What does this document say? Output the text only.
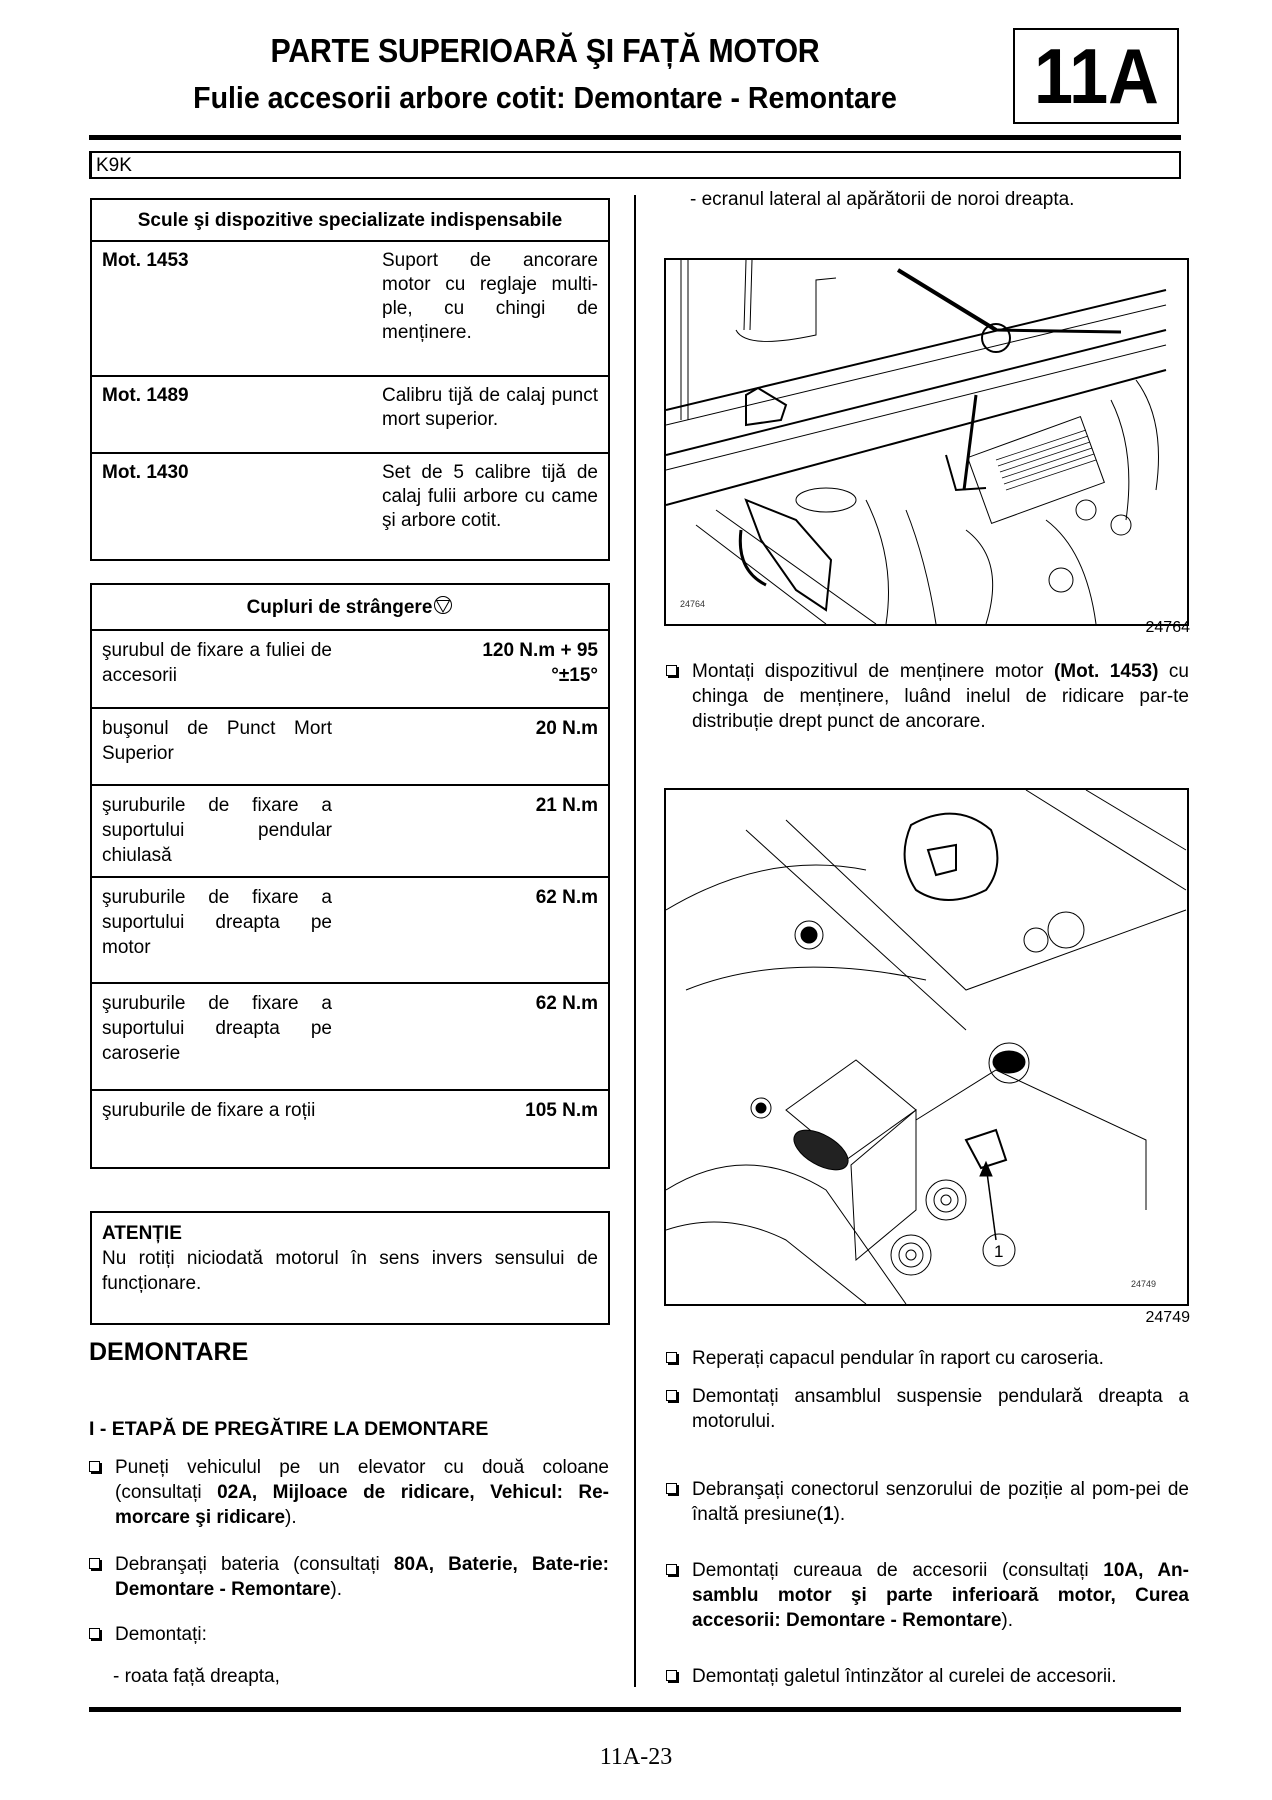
PARTE SUPERIOARĂ ŞI FAȚĂ MOTOR
Fulie accesorii arbore cotit: Demontare - Remontare	11A
K9K
Scule şi dispozitive specializate indispensabile	
Mot. 1453	Suport de ancorare motor cu reglaje multi-ple, cu chingi de menținere.
Mot. 1489	Calibru tijă de calaj punct mort superior.
Mot. 1430	Set de 5 calibre tijă de calaj fulii arbore cu came şi arbore cotit.
Cupluri de strângere	
şurubul de fixare a fuliei de accesorii	120 N.m + 95
°±15°
buşonul de Punct Mort Superior	20 N.m
şuruburile de fixare a suportului pendular chiulasă	21 N.m
şuruburile de fixare a suportului dreapta pe motor	62 N.m
şuruburile de fixare a suportului dreapta pe caroserie	62 N.m
şuruburile de fixare a roții	105 N.m
ATENȚIE
Nu rotiți niciodată motorul în sens invers sensului de funcționare.
DEMONTARE
I - ETAPĂ DE PREGĂTIRE LA DEMONTARE
Puneți vehiculul pe un elevator cu două coloane (consultați 02A, Mijloace de ridicare, Vehicul: Re-morcare şi ridicare).
Debranşați bateria (consultați 80A, Baterie, Bate-rie: Demontare - Remontare).
Demontați:
- roata față dreapta,
- ecranul lateral al apărătorii de noroi dreapta.
24764
24764
Montați dispozitivul de menținere motor (Mot. 1453) cu chinga de menținere, luând inelul de ridicare par-te distribuție drept punct de ancorare.
1
24749
24749
Reperați capacul pendular în raport cu caroseria.
Demontați ansamblul suspensie pendulară dreapta a motorului.
Debranşați conectorul senzorului de poziție al pom-pei de înaltă presiune(1).
Demontați cureaua de accesorii (consultați 10A, An-samblu motor şi parte inferioară motor, Curea accesorii: Demontare - Remontare).
Demontați galetul întinzător al curelei de accesorii.
11A-23
